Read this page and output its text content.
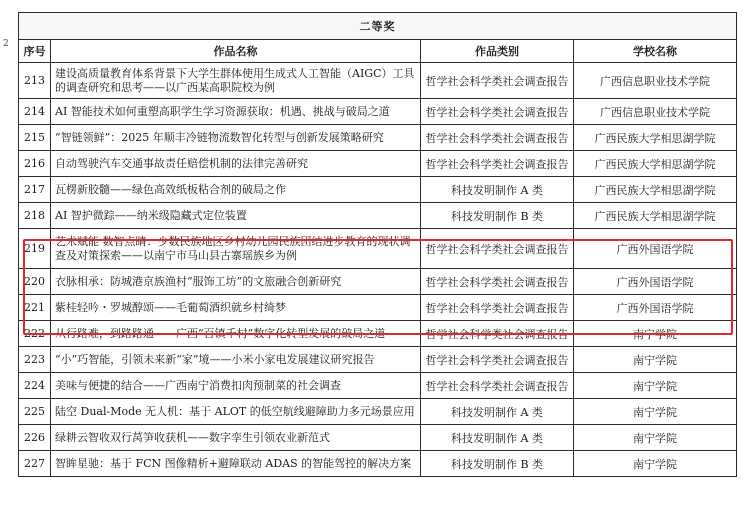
2
二等奖			
序号	作品名称	作品类别	学校名称
213	建设高质量教育体系背景下大学生群体使用生成式人工智能（AIGC）工具的调查研究和思考——以广西某高职院校为例	哲学社会科学类社会调查报告	广西信息职业技术学院
214	AI 智能技术如何重塑高职学生学习资源获取：机遇、挑战与破局之道	哲学社会科学类社会调查报告	广西信息职业技术学院
215	“智链领鲜”：2025 年顺丰冷链物流数智化转型与创新发展策略研究	哲学社会科学类社会调查报告	广西民族大学相思湖学院
216	自动驾驶汽车交通事故责任赔偿机制的法律完善研究	哲学社会科学类社会调查报告	广西民族大学相思湖学院
217	瓦楞新胶髓——绿色高效纸板粘合剂的破局之作	科技发明制作 A 类	广西民族大学相思湖学院
218	AI 智护微踪——纳米级隐藏式定位装置	科技发明制作 B 类	广西民族大学相思湖学院
219	艺术赋能 数智点睛：少数民族地区乡村幼儿园民族团结进步教育的现状调查及对策探索——以南宁市马山县古寨瑶族乡为例	哲学社会科学类社会调查报告	广西外国语学院
220	衣脉相承：防城港京族渔村“服饰工坊”的文旅融合创新研究	哲学社会科学类社会调查报告	广西外国语学院
221	紫桂轻吟・罗城醇颂——毛葡萄酒织就乡村绮梦	哲学社会科学类社会调查报告	广西外国语学院
222	从行路难，到路路通——广西“百镇千村”数字化转型发展的破局之道	哲学社会科学类社会调查报告	南宁学院
223	“小”巧智能，引领未来新“家”境——小米小家电发展建议研究报告	哲学社会科学类社会调查报告	南宁学院
224	美味与便捷的结合——广西南宁消费扣肉预制菜的社会调查	哲学社会科学类社会调查报告	南宁学院
225	陆空 Dual-Mode 无人机：基于 ALOT 的低空航线避障助力多元场景应用	科技发明制作 A 类	南宁学院
226	绿耕云智收双行莴笋收获机——数字孪生引领农业新范式	科技发明制作 A 类	南宁学院
227	智眸星驰：基于 FCN 图像精析+避障联动 ADAS 的智能驾控的解决方案	科技发明制作 B 类	南宁学院
